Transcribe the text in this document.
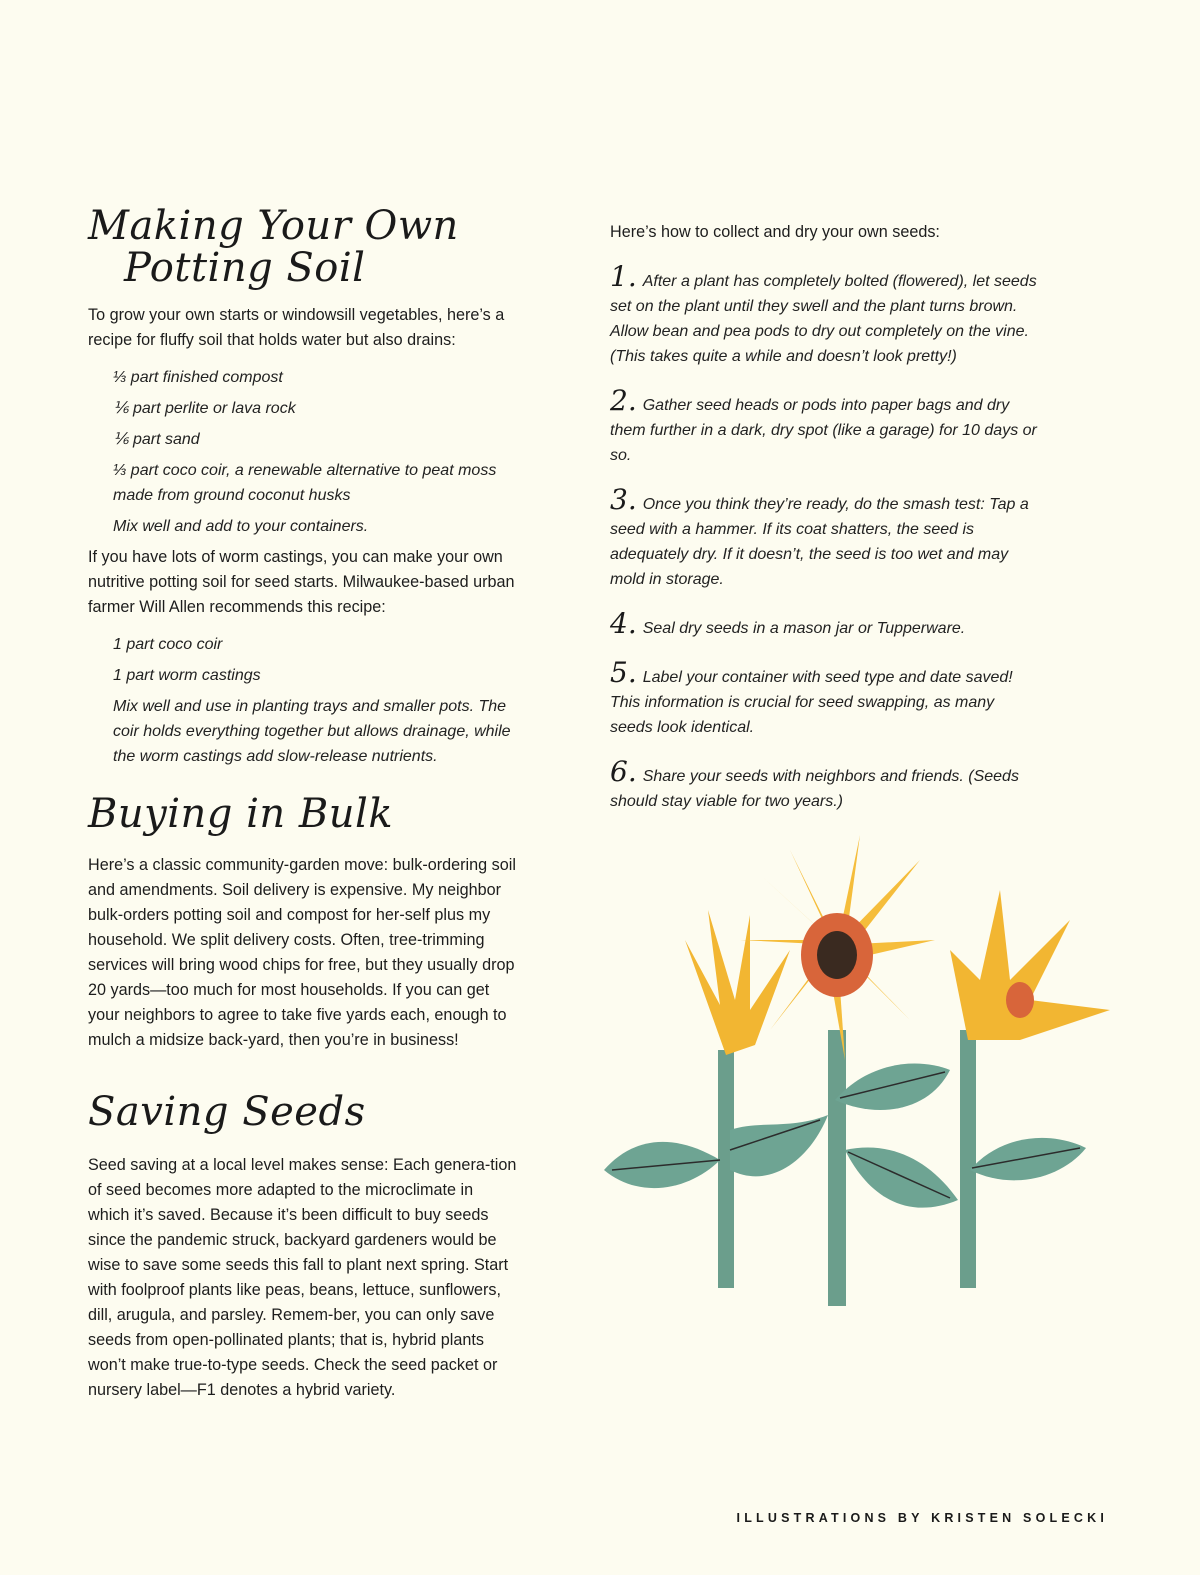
Making Your Own
Potting Soil

To grow your own starts or windowsill vegetables, here’s a recipe for fluffy soil that holds water but also drains:

⅓ part finished compost
⅙ part perlite or lava rock
⅙ part sand
⅓ part coco coir, a renewable alternative to peat moss made from ground coconut husks
Mix well and add to your containers.

If you have lots of worm castings, you can make your own nutritive potting soil for seed starts. Milwaukee-based urban farmer Will Allen recommends this recipe:

1 part coco coir
1 part worm castings
Mix well and use in planting trays and smaller pots. The coir holds everything together but allows drainage, while the worm castings add slow-release nutrients.
Buying in Bulk

Here’s a classic community-garden move: bulk-ordering soil and amendments. Soil delivery is expensive. My neighbor bulk-orders potting soil and compost for her-self plus my household. We split delivery costs. Often, tree-trimming services will bring wood chips for free, but they usually drop 20 yards—too much for most households. If you can get your neighbors to agree to take five yards each, enough to mulch a midsize back-yard, then you’re in business!

Saving Seeds

Seed saving at a local level makes sense: Each genera-tion of seed becomes more adapted to the microclimate in which it’s saved. Because it’s been difficult to buy seeds since the pandemic struck, backyard gardeners would be wise to save some seeds this fall to plant next spring. Start with foolproof plants like peas, beans, lettuce, sunflowers, dill, arugula, and parsley. Remem-ber, you can only save seeds from open-pollinated plants; that is, hybrid plants won’t make true-to-type seeds. Check the seed packet or nursery label—F1 denotes a hybrid variety.

Here’s how to collect and dry your own seeds:

1. After a plant has completely bolted (flowered), let seeds set on the plant until they swell and the plant turns brown. Allow bean and pea pods to dry out completely on the vine. (This takes quite a while and doesn’t look pretty!)
2. Gather seed heads or pods into paper bags and dry them further in a dark, dry spot (like a garage) for 10 days or so.
3. Once you think they’re ready, do the smash test: Tap a seed with a hammer. If its coat shatters, the seed is adequately dry. If it doesn’t, the seed is too wet and may mold in storage.
4. Seal dry seeds in a mason jar or Tupperware.
5. Label your container with seed type and date saved! This information is crucial for seed swapping, as many seeds look identical.
6. Share your seeds with neighbors and friends. (Seeds should stay viable for two years.)
ILLUSTRATIONS BY KRISTEN SOLECKI
